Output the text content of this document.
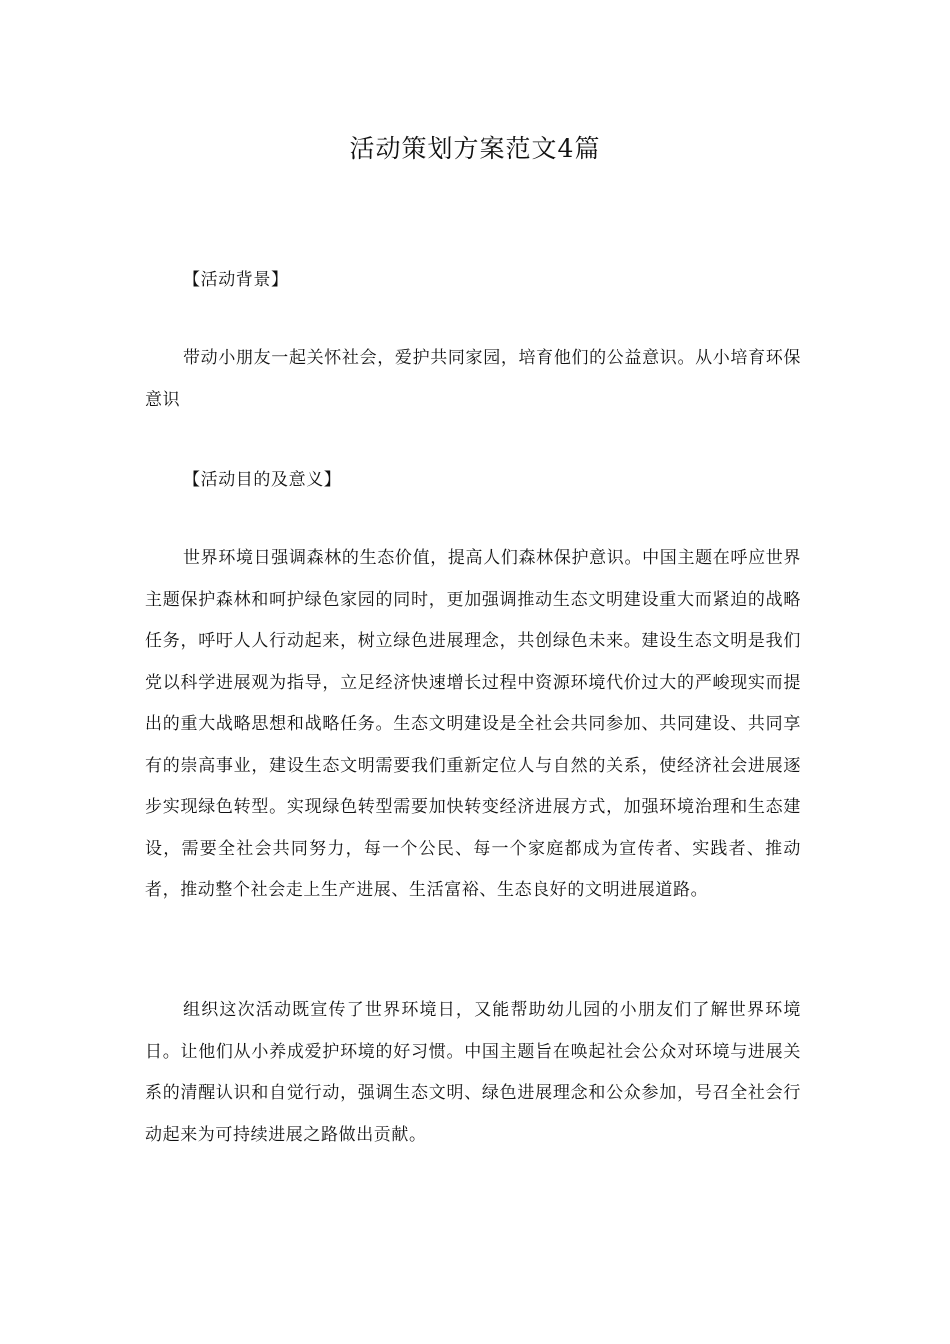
活动策划方案范文4篇
【活动背景】

带动小朋友一起关怀社会，爱护共同家园，培育他们的公益意识。从小培育环保意识

【活动目的及意义】

世界环境日强调森林的生态价值，提高人们森林保护意识。中国主题在呼应世界主题保护森林和呵护绿色家园的同时，更加强调推动生态文明建设重大而紧迫的战略任务，呼吁人人行动起来，树立绿色进展理念，共创绿色未来。建设生态文明是我们党以科学进展观为指导，立足经济快速增长过程中资源环境代价过大的严峻现实而提出的重大战略思想和战略任务。生态文明建设是全社会共同参加、共同建设、共同享有的崇高事业，建设生态文明需要我们重新定位人与自然的关系，使经济社会进展逐步实现绿色转型。实现绿色转型需要加快转变经济进展方式，加强环境治理和生态建设，需要全社会共同努力，每一个公民、每一个家庭都成为宣传者、实践者、推动者，推动整个社会走上生产进展、生活富裕、生态良好的文明进展道路。

组织这次活动既宣传了世界环境日，又能帮助幼儿园的小朋友们了解世界环境日。让他们从小养成爱护环境的好习惯。中国主题旨在唤起社会公众对环境与进展关系的清醒认识和自觉行动，强调生态文明、绿色进展理念和公众参加，号召全社会行动起来为可持续进展之路做出贡献。
